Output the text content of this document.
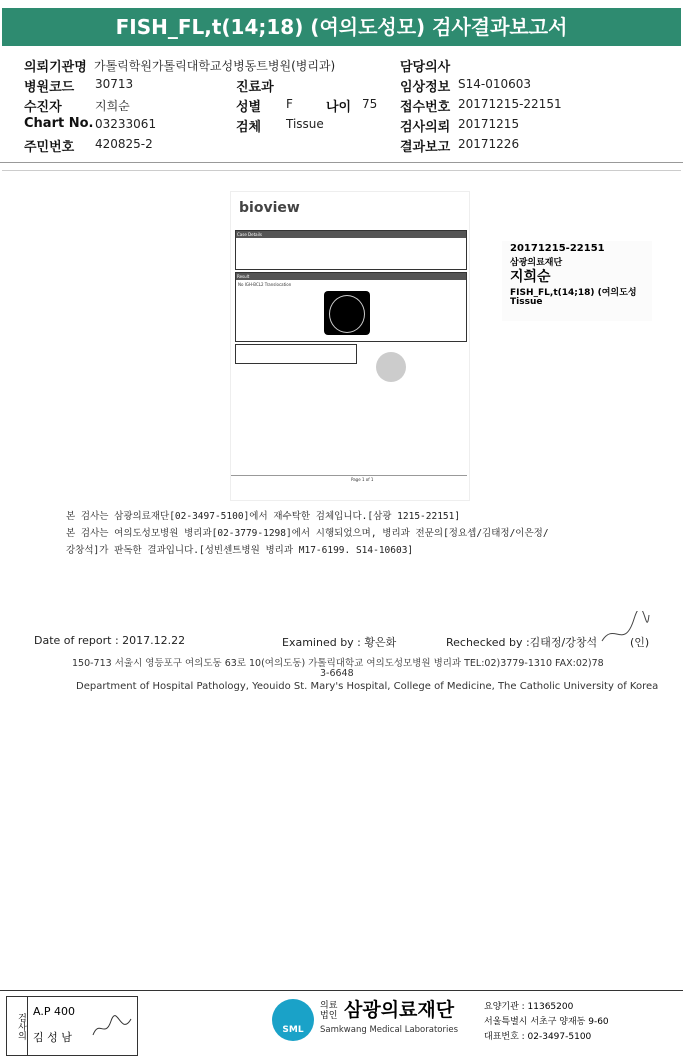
FISH_FL,t(14;18) (여의도성모) 검사결과보고서
의뢰기관명 가톨릭학원가톨릭대학교성병동트병원(병리과)	담당의사
병원코드 30713	진료과	임상정보 S14-010603
수진자	지희순	성별 F	나이 75 접수번호 20171215-22151
Chart No. 03233061	검체 Tissue	검사의뢰 20171215
주민번호 420825-2	결과보고 20171226
bioview
Case Details
Result
No IGH-BCL2 Translocation
Page 1 of 1
20171215-22151
삼광의료재단
지희순
FISH_FL,t(14;18) (여의도성
Tissue
본 검사는 삼광의료재단[02-3497-5100]에서 재수탁한 검체입니다.[삼광 1215-22151]
본 검사는 여의도성모병원 병리과[02-3779-1298]에서 시행되었으며, 병리과 전문의[정요셉/김태정/이은정/
강창석]가 판독한 결과입니다.[성빈센트병원 병리과 M17-6199. S14-10603]
Date of report : 2017.12.22	Examined by : 황은화	Rechecked by :김태정/강창석	(인)
150-713 서울시 영등포구 여의도동 63로 10(여의도동) 가톨릭대학교 여의도성모병원 병리과 TEL:02)3779-1310 FAX:02)78
3-6648
Department of Hospital Pathology, Yeouido St. Mary's Hospital, College of Medicine, The Catholic University of Korea
검사의
A.P 400
김 성 남
SML
의료법인 삼광의료재단
Samkwang Medical Laboratories
요양기관 : 11365200
서울특별시 서초구 양재동 9-60
대표번호 : 02-3497-5100
